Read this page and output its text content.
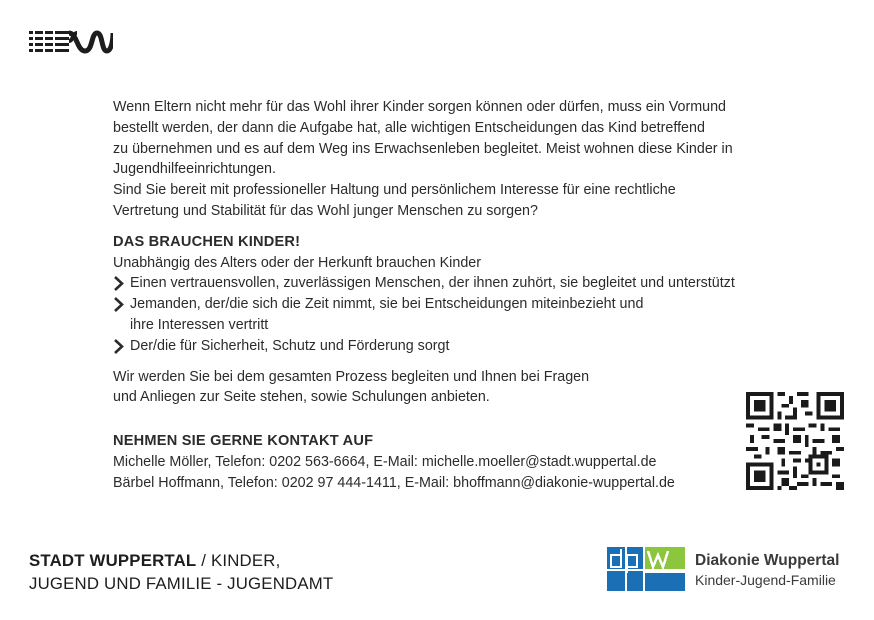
Wenn Eltern nicht mehr für das Wohl ihrer Kinder sorgen können oder dürfen, muss ein Vormund
bestellt werden, der dann die Aufgabe hat, alle wichtigen Entscheidungen das Kind betreffend
zu übernehmen und es auf dem Weg ins Erwachsenleben begleitet. Meist wohnen diese Kinder in
Jugendhilfeeinrichtungen.
Sind Sie bereit mit professioneller Haltung und persönlichem Interesse für eine rechtliche
Vertretung und Stabilität für das Wohl junger Menschen zu sorgen?

DAS BRAUCHEN KINDER!

Unabhängig des Alters oder der Herkunft brauchen Kinder

Einen vertrauensvollen, zuverlässigen Menschen, der ihnen zuhört, sie begleitet und unterstützt
Jemanden, der/die sich die Zeit nimmt, sie bei Entscheidungen miteinbezieht und
ihre Interessen vertritt
Der/die für Sicherheit, Schutz und Förderung sorgt

Wir werden Sie bei dem gesamten Prozess begleiten und Ihnen bei Fragen
und Anliegen zur Seite stehen, sowie Schulungen anbieten.

NEHMEN SIE GERNE KONTAKT AUF

Michelle Möller, Telefon: 0202 563-6664, E-Mail: michelle.moeller@stadt.wuppertal.de
Bärbel Hoffmann, Telefon: 0202 97 444-1411, E-Mail: bhoffmann@diakonie-wuppertal.de

STADT WUPPERTAL / KINDER,
JUGEND UND FAMILIE - JUGENDAMT
Diakonie Wuppertal
Kinder-Jugend-Familie
